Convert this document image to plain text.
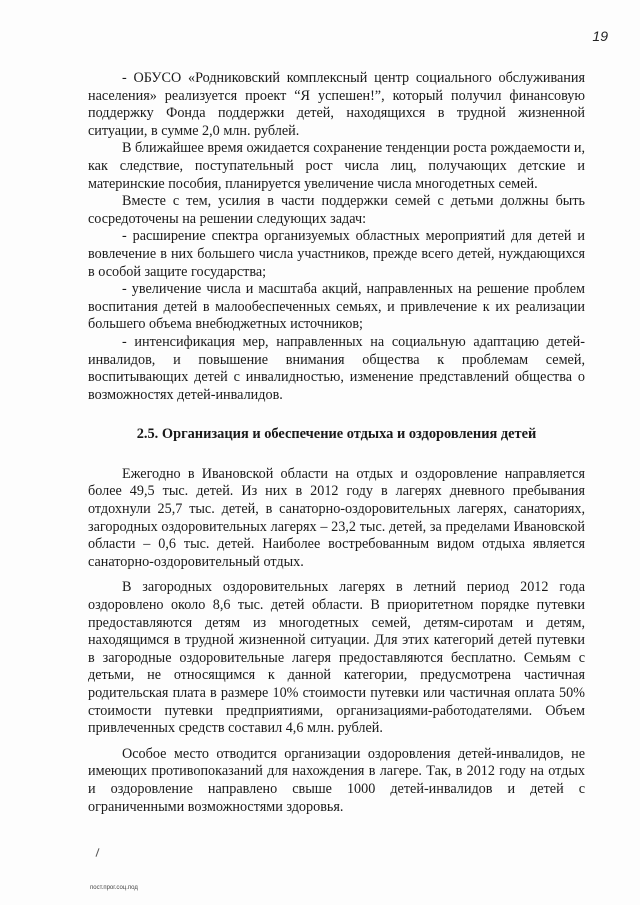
19

- ОБУСО «Родниковский комплексный центр социального обслуживания населения» реализуется проект “Я успешен!”, который получил финансовую поддержку Фонда поддержки детей, находящихся в трудной жизненной ситуации, в сумме 2,0 млн. рублей.

В ближайшее время ожидается сохранение тенденции роста рождаемости и, как следствие, поступательный рост числа лиц, получающих детские и материнские пособия, планируется увеличение числа многодетных семей.

Вместе с тем, усилия в части поддержки семей с детьми должны быть сосредоточены на решении следующих задач:

- расширение спектра организуемых областных мероприятий для детей и вовлечение в них большего числа участников, прежде всего детей, нуждающихся в особой защите государства;

- увеличение числа и масштаба акций, направленных на решение проблем воспитания детей в малообеспеченных семьях, и привлечение к их реализации большего объема внебюджетных источников;

- интенсификация мер, направленных на социальную адаптацию детей-инвалидов, и повышение внимания общества к проблемам семей, воспитывающих детей с инвалидностью, изменение представлений общества о возможностях детей-инвалидов.

2.5. Организация и обеспечение отдыха и оздоровления детей

Ежегодно в Ивановской области на отдых и оздоровление направляется более 49,5 тыс. детей. Из них в 2012 году в лагерях дневного пребывания отдохнули 25,7 тыс. детей, в санаторно-оздоровительных лагерях, санаториях, загородных оздоровительных лагерях – 23,2 тыс. детей, за пределами Ивановской области – 0,6 тыс. детей. Наиболее востребованным видом отдыха является санаторно-оздоровительный отдых.

В загородных оздоровительных лагерях в летний период 2012 года оздоровлено около 8,6 тыс. детей области. В приоритетном порядке путевки предоставляются детям из многодетных семей, детям-сиротам и детям, находящимся в трудной жизненной ситуации. Для этих категорий детей путевки в загородные оздоровительные лагеря предоставляются бесплатно. Семьям с детьми, не относящимся к данной категории, предусмотрена частичная родительская плата в размере 10% стоимости путевки или частичная оплата 50% стоимости путевки предприятиями, организациями-работодателями. Объем привлеченных средств составил 4,6 млн. рублей.

Особое место отводится организации оздоровления детей-инвалидов, не имеющих противопоказаний для нахождения в лагере. Так, в 2012 году на отдых и оздоровление направлено свыше 1000 детей-инвалидов и детей с ограниченными возможностями здоровья.

пост.прог.соц.под
